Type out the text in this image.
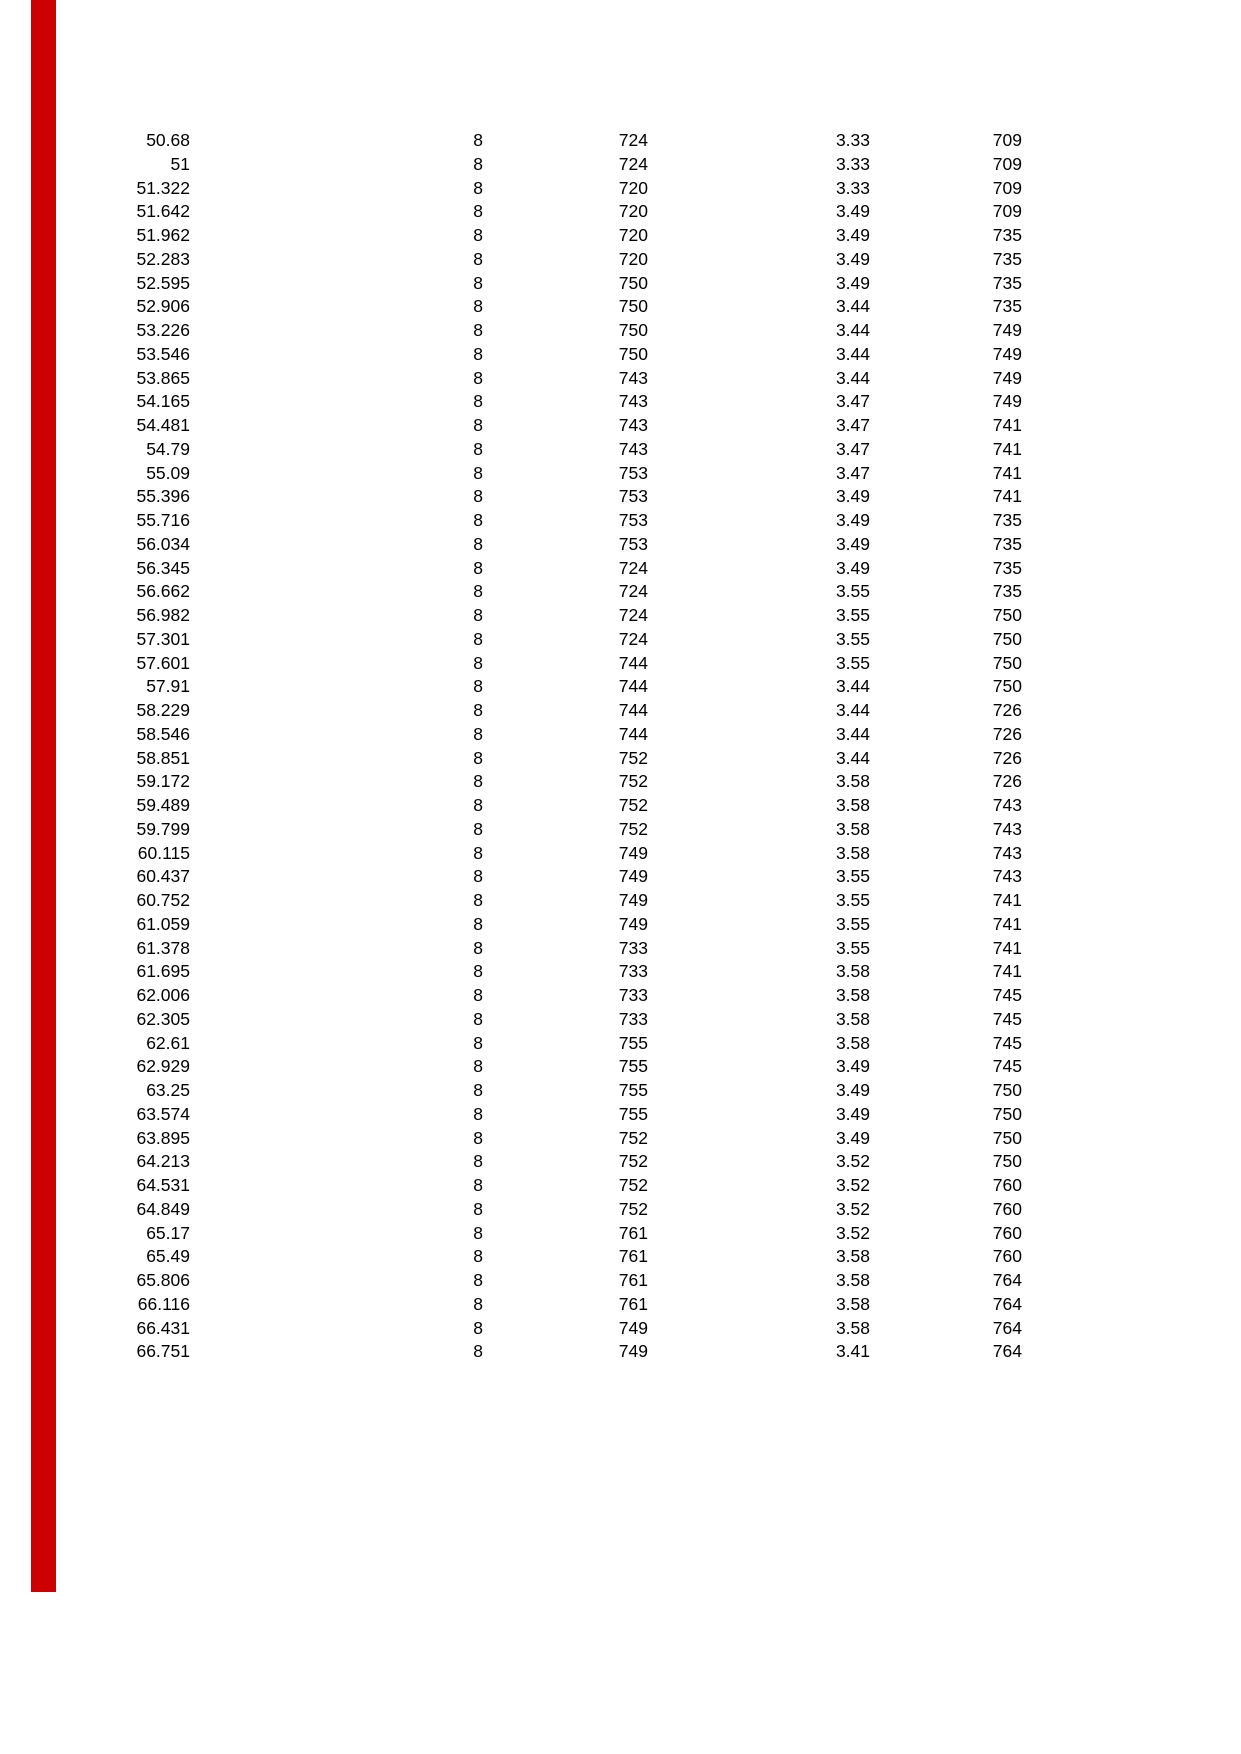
50.68	8	724	3.33	709
51	8	724	3.33	709
51.322	8	720	3.33	709
51.642	8	720	3.49	709
51.962	8	720	3.49	735
52.283	8	720	3.49	735
52.595	8	750	3.49	735
52.906	8	750	3.44	735
53.226	8	750	3.44	749
53.546	8	750	3.44	749
53.865	8	743	3.44	749
54.165	8	743	3.47	749
54.481	8	743	3.47	741
54.79	8	743	3.47	741
55.09	8	753	3.47	741
55.396	8	753	3.49	741
55.716	8	753	3.49	735
56.034	8	753	3.49	735
56.345	8	724	3.49	735
56.662	8	724	3.55	735
56.982	8	724	3.55	750
57.301	8	724	3.55	750
57.601	8	744	3.55	750
57.91	8	744	3.44	750
58.229	8	744	3.44	726
58.546	8	744	3.44	726
58.851	8	752	3.44	726
59.172	8	752	3.58	726
59.489	8	752	3.58	743
59.799	8	752	3.58	743
60.115	8	749	3.58	743
60.437	8	749	3.55	743
60.752	8	749	3.55	741
61.059	8	749	3.55	741
61.378	8	733	3.55	741
61.695	8	733	3.58	741
62.006	8	733	3.58	745
62.305	8	733	3.58	745
62.61	8	755	3.58	745
62.929	8	755	3.49	745
63.25	8	755	3.49	750
63.574	8	755	3.49	750
63.895	8	752	3.49	750
64.213	8	752	3.52	750
64.531	8	752	3.52	760
64.849	8	752	3.52	760
65.17	8	761	3.52	760
65.49	8	761	3.58	760
65.806	8	761	3.58	764
66.116	8	761	3.58	764
66.431	8	749	3.58	764
66.751	8	749	3.41	764
